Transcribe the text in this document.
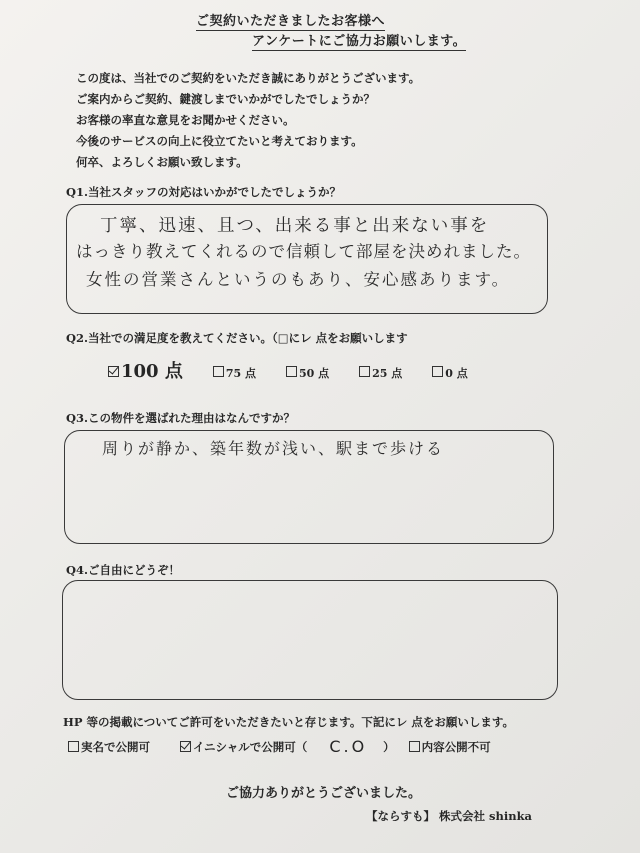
ご契約いただきましたお客様へ
アンケートにご協力お願いします。
この度は、当社でのご契約をいただき誠にありがとうございます。
ご案内からご契約、鍵渡しまでいかがでしたでしょうか？
お客様の率直な意見をお聞かせください。
今後のサービスの向上に役立てたいと考えております。
何卒、よろしくお願い致します。
Q1.当社スタッフの対応はいかがでしたでしょうか？
丁寧、迅速、且つ、出来る事と出来ない事を
はっきり教えてくれるので信頼して部屋を決めれました。
女性の営業さんというのもあり、安心感あります。
Q2.当社での満足度を教えてください。（□にレ 点をお願いします
100 点	75 点	50 点	25 点	0 点
Q3.この物件を選ばれた理由はなんですか？
周りが静か、築年数が浅い、駅まで歩ける
Q4.ご自由にどうぞ！
HP 等の掲載についてご許可をいただきたいと存じます。下記にレ 点をお願いします。
実名で公開可	イニシャルで公開可（ C.O ） 内容公開不可
ご協力ありがとうございました。
【ならすも】 株式会社 shinka
